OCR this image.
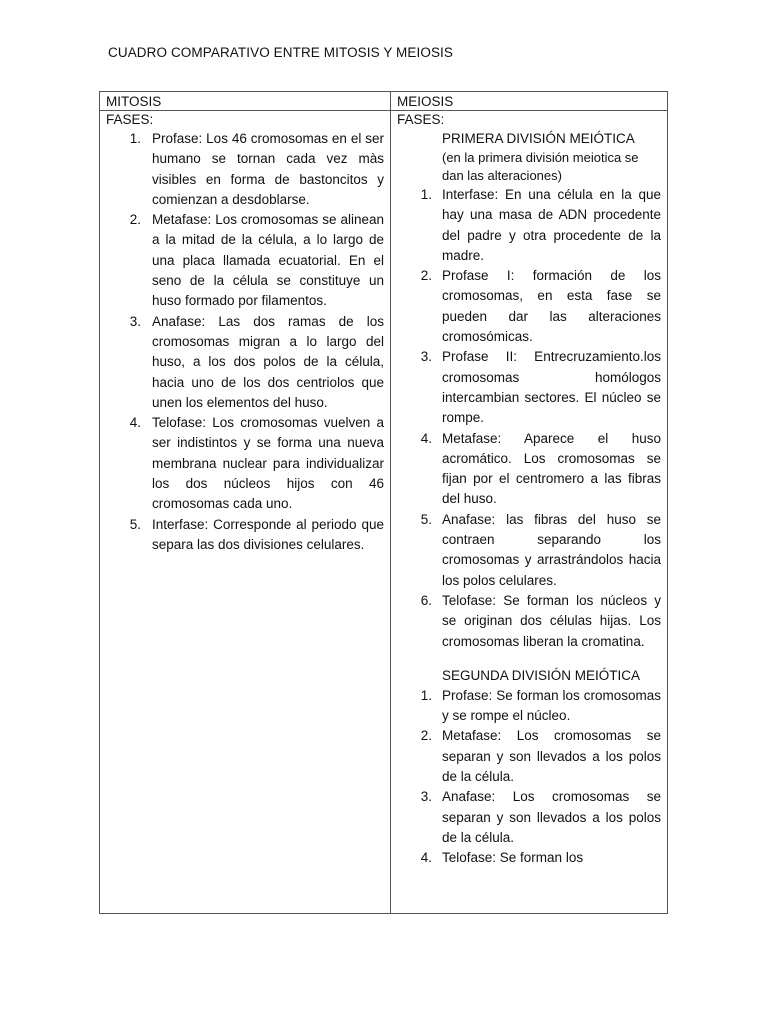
CUADRO COMPARATIVO ENTRE MITOSIS Y MEIOSIS
MITOSIS
FASES:
1. Profase: Los 46 cromosomas en el ser humano se tornan cada vez màs visibles en forma de bastoncitos y comienzan a desdoblarse.
2. Metafase: Los cromosomas se alinean a la mitad de la célula, a lo largo de una placa llamada ecuatorial. En el seno de la célula se constituye un huso formado por filamentos.
3. Anafase: Las dos ramas de los cromosomas migran a lo largo del huso, a los dos polos de la célula, hacia uno de los dos centriolos que unen los elementos del huso.
4. Telofase: Los cromosomas vuelven a ser indistintos y se forma una nueva membrana nuclear para individualizar los dos núcleos hijos con 46 cromosomas cada uno.
5. Interfase: Corresponde al periodo que separa las dos divisiones celulares.
MEIOSIS
FASES:
PRIMERA DIVISIÓN MEIÓTICA
(en la primera división meiotica se dan las alteraciones)
1. Interfase: En una célula en la que hay una masa de ADN procedente del padre y otra procedente de la madre.
2. Profase I: formación de los cromosomas, en esta fase se pueden dar las alteraciones cromosómicas.
3. Profase II: Entrecruzamiento.los cromosomas homólogos intercambian sectores. El núcleo se rompe.
4. Metafase: Aparece el huso acromático. Los cromosomas se fijan por el centromero a las fibras del huso.
5. Anafase: las fibras del huso se contraen separando los cromosomas y arrastrándolos hacia los polos celulares.
6. Telofase: Se forman los núcleos y se originan dos células hijas. Los cromosomas liberan la cromatina.
SEGUNDA DIVISIÓN MEIÓTICA
1. Profase: Se forman los cromosomas y se rompe el núcleo.
2. Metafase: Los cromosomas se separan y son llevados a los polos de la célula.
3. Anafase: Los cromosomas se separan y son llevados a los polos de la célula.
4. Telofase: Se forman los
